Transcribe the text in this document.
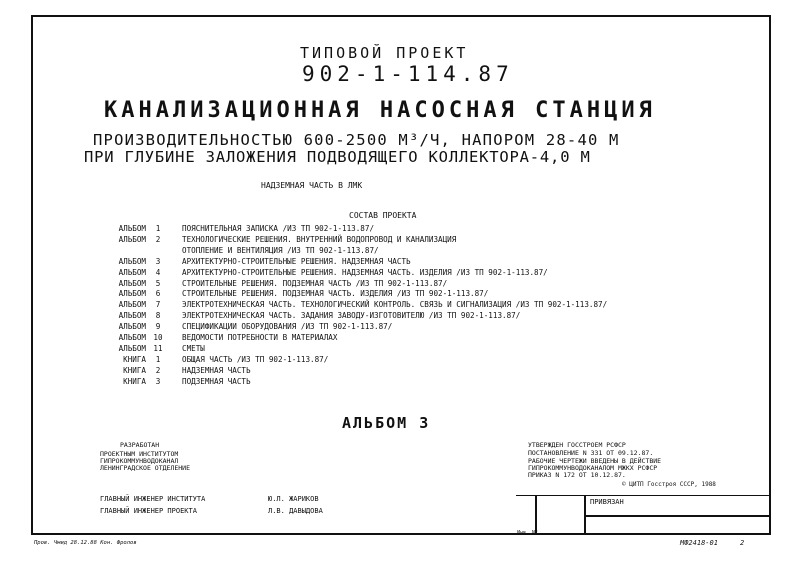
ТИПОВОЙ ПРОЕКТ
902-1-114.87
КАНАЛИЗАЦИОННАЯ НАСОСНАЯ СТАНЦИЯ
ПРОИЗВОДИТЕЛЬНОСТЬЮ 600-2500 М³/Ч, НАПОРОМ 28-40 М
ПРИ ГЛУБИНЕ ЗАЛОЖЕНИЯ ПОДВОДЯЩЕГО КОЛЛЕКТОРА-4,0 М
НАДЗЕМНАЯ ЧАСТЬ В ЛМК
СОСТАВ ПРОЕКТА
АЛЬБОМ	1	ПОЯСНИТЕЛЬНАЯ ЗАПИСКА /ИЗ ТП 902-1-113.87/
АЛЬБОМ	2	ТЕХНОЛОГИЧЕСКИЕ РЕШЕНИЯ. ВНУТРЕННИЙ ВОДОПРОВОД И КАНАЛИЗАЦИЯ
ОТОПЛЕНИЕ И ВЕНТИЛЯЦИЯ /ИЗ ТП 902-1-113.87/
АЛЬБОМ	3	АРХИТЕКТУРНО-СТРОИТЕЛЬНЫЕ РЕШЕНИЯ. НАДЗЕМНАЯ ЧАСТЬ
АЛЬБОМ	4	АРХИТЕКТУРНО-СТРОИТЕЛЬНЫЕ РЕШЕНИЯ. НАДЗЕМНАЯ ЧАСТЬ. ИЗДЕЛИЯ /ИЗ ТП 902-1-113.87/
АЛЬБОМ	5	СТРОИТЕЛЬНЫЕ РЕШЕНИЯ. ПОДЗЕМНАЯ ЧАСТЬ /ИЗ ТП 902-1-113.87/
АЛЬБОМ	6	СТРОИТЕЛЬНЫЕ РЕШЕНИЯ. ПОДЗЕМНАЯ ЧАСТЬ. ИЗДЕЛИЯ /ИЗ ТП 902-1-113.87/
АЛЬБОМ	7	ЭЛЕКТРОТЕХНИЧЕСКАЯ ЧАСТЬ. ТЕХНОЛОГИЧЕСКИЙ КОНТРОЛЬ. СВЯЗЬ И СИГНАЛИЗАЦИЯ /ИЗ ТП 902-1-113.87/
АЛЬБОМ	8	ЭЛЕКТРОТЕХНИЧЕСКАЯ ЧАСТЬ. ЗАДАНИЯ ЗАВОДУ-ИЗГОТОВИТЕЛЮ /ИЗ ТП 902-1-113.87/
АЛЬБОМ	9	СПЕЦИФИКАЦИИ ОБОРУДОВАНИЯ /ИЗ ТП 902-1-113.87/
АЛЬБОМ 10	ВЕДОМОСТИ ПОТРЕБНОСТИ В МАТЕРИАЛАХ
АЛЬБОМ 11	СМЕТЫ
КНИГА	1	ОБЩАЯ ЧАСТЬ /ИЗ ТП 902-1-113.87/
КНИГА	2	НАДЗЕМНАЯ ЧАСТЬ
КНИГА	3	ПОДЗЕМНАЯ ЧАСТЬ
АЛЬБОМ 3
РАЗРАБОТАН
ПРОЕКТНЫМ ИНСТИТУТОМ
ГИПРОКОММУНВОДОКАНАЛ
ЛЕНИНГРАДСКОЕ ОТДЕЛЕНИЕ
УТВЕРЖДЕН ГОССТРОЕМ РСФСР
ПОСТАНОВЛЕНИЕ N 331 ОТ 09.12.87.
РАБОЧИЕ ЧЕРТЕЖИ ВВЕДЕНЫ В ДЕЙСТВИЕ
ГИПРОКОММУНВОДОКАНАЛОМ МЖКХ РСФСР
ПРИКАЗ N 172 ОТ 10.12.87.
© ЦИТП Госстроя СССР, 1988
ГЛАВНЫЙ ИНЖЕНЕР ИНСТИТУТА	Ю.Л. ЖАРИКОВ
ГЛАВНЫЙ ИНЖЕНЕР ПРОЕКТА	Л.В. ДАВЫДОВА
ПРИВЯЗАН
Инв. N°
Пров. Чмид 28.12.88 Кон. Фролов	МФ2418-01	2
